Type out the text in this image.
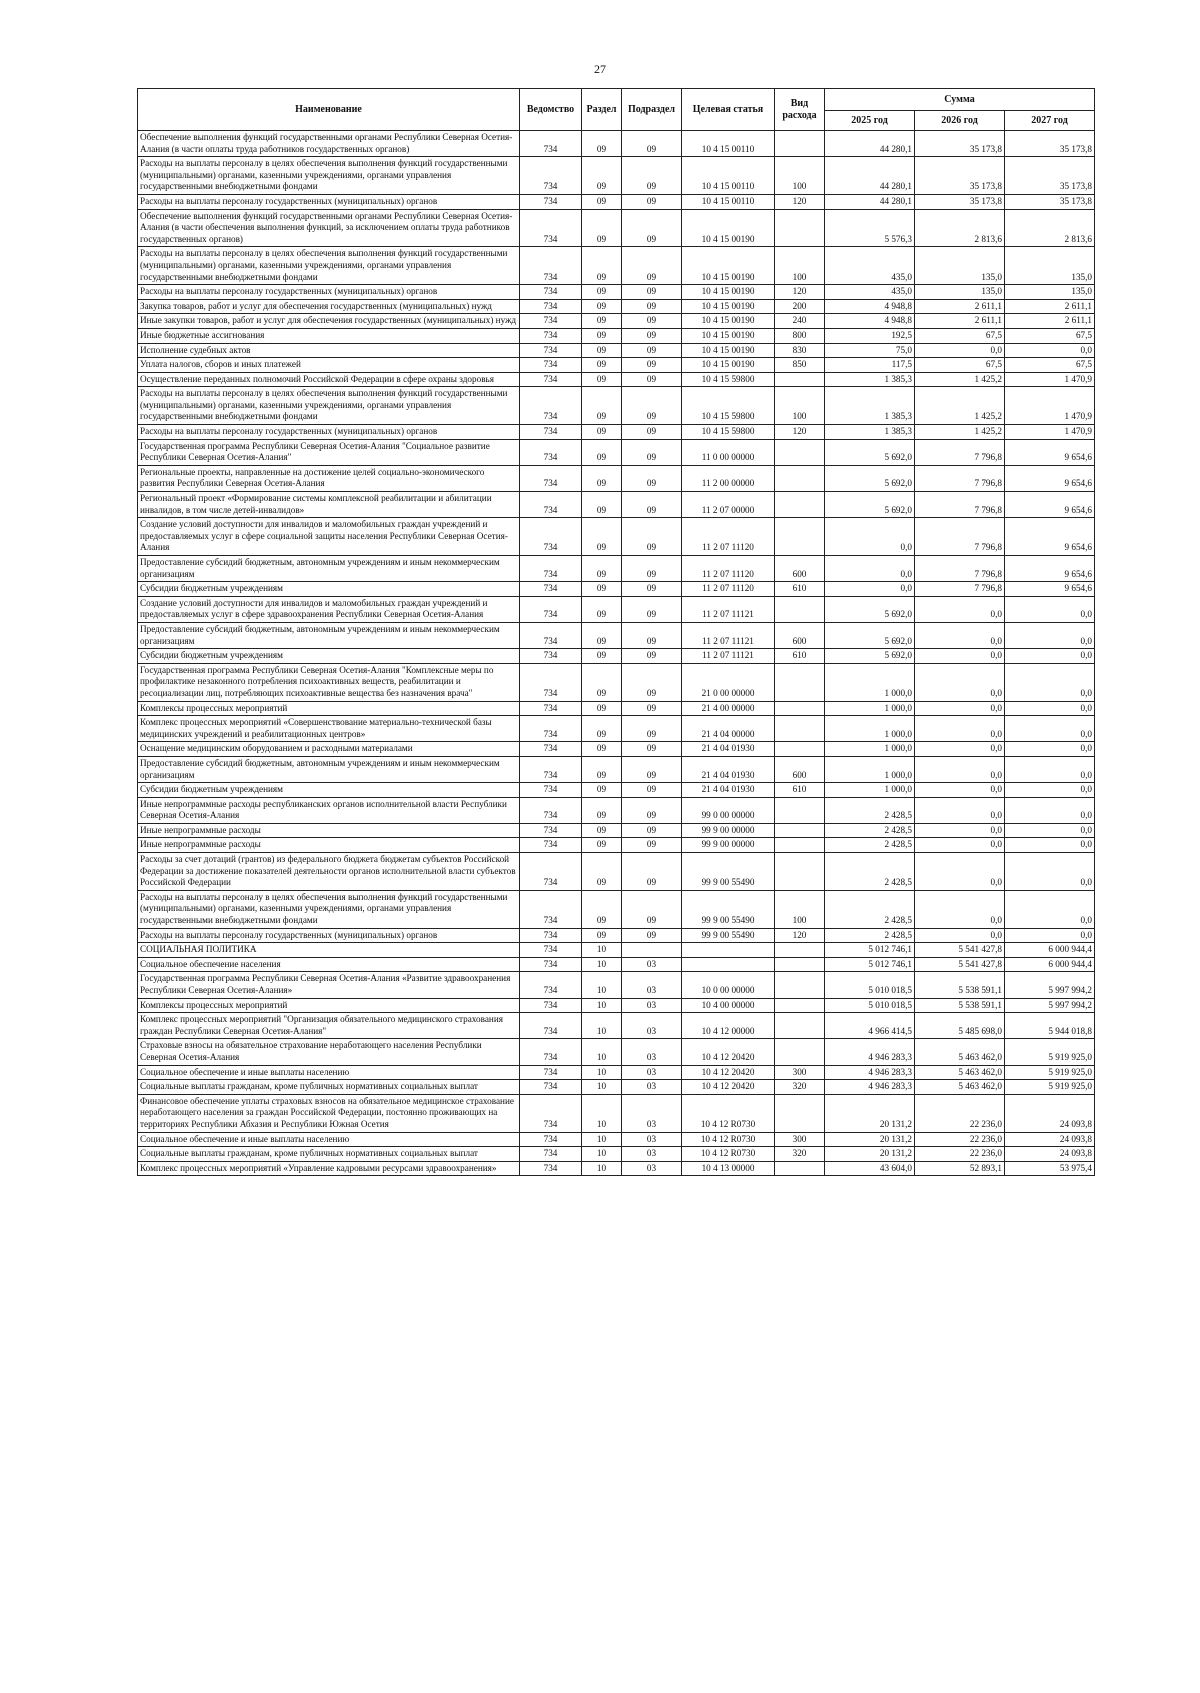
27
Наименование	Ведомство	Раздел	Подраздел	Целевая статья	Вид расхода	Сумма		
						2025 год	2026 год	2027 год
Обеспечение выполнения функций государственными органами Республики Северная Осетия-Алания (в части оплаты труда работников государственных органов)	734	09	09	10 4 15 00110		44 280,1	35 173,8	35 173,8
Расходы на выплаты персоналу в целях обеспечения выполнения функций государственными (муниципальными) органами, казенными учреждениями, органами управления государственными внебюджетными фондами	734	09	09	10 4 15 00110	100	44 280,1	35 173,8	35 173,8
Расходы на выплаты персоналу государственных (муниципальных) органов	734	09	09	10 4 15 00110	120	44 280,1	35 173,8	35 173,8
Обеспечение выполнения функций государственными органами Республики Северная Осетия-Алания (в части обеспечения выполнения функций, за исключением оплаты труда работников государственных органов)	734	09	09	10 4 15 00190		5 576,3	2 813,6	2 813,6
Расходы на выплаты персоналу в целях обеспечения выполнения функций государственными (муниципальными) органами, казенными учреждениями, органами управления государственными внебюджетными фондами	734	09	09	10 4 15 00190	100	435,0	135,0	135,0
Расходы на выплаты персоналу государственных (муниципальных) органов	734	09	09	10 4 15 00190	120	435,0	135,0	135,0
Закупка товаров, работ и услуг для обеспечения государственных (муниципальных) нужд	734	09	09	10 4 15 00190	200	4 948,8	2 611,1	2 611,1
Иные закупки товаров, работ и услуг для обеспечения государственных (муниципальных) нужд	734	09	09	10 4 15 00190	240	4 948,8	2 611,1	2 611,1
Иные бюджетные ассигнования	734	09	09	10 4 15 00190	800	192,5	67,5	67,5
Исполнение судебных актов	734	09	09	10 4 15 00190	830	75,0	0,0	0,0
Уплата налогов, сборов и иных платежей	734	09	09	10 4 15 00190	850	117,5	67,5	67,5
Осуществление переданных полномочий Российской Федерации в сфере охраны здоровья	734	09	09	10 4 15 59800		1 385,3	1 425,2	1 470,9
Расходы на выплаты персоналу в целях обеспечения выполнения функций государственными (муниципальными) органами, казенными учреждениями, органами управления государственными внебюджетными фондами	734	09	09	10 4 15 59800	100	1 385,3	1 425,2	1 470,9
Расходы на выплаты персоналу государственных (муниципальных) органов	734	09	09	10 4 15 59800	120	1 385,3	1 425,2	1 470,9
Государственная программа Республики Северная Осетия-Алания "Социальное развитие Республики Северная Осетия-Алания"	734	09	09	11 0 00 00000		5 692,0	7 796,8	9 654,6
Региональные проекты, направленные на достижение целей социально-экономического развития Республики Северная Осетия-Алания	734	09	09	11 2 00 00000		5 692,0	7 796,8	9 654,6
Региональный проект «Формирование системы комплексной реабилитации и абилитации инвалидов, в том числе детей-инвалидов»	734	09	09	11 2 07 00000		5 692,0	7 796,8	9 654,6
Создание условий доступности для инвалидов и маломобильных граждан учреждений и предоставляемых услуг в сфере социальной защиты населения Республики Северная Осетия-Алания	734	09	09	11 2 07 11120		0,0	7 796,8	9 654,6
Предоставление субсидий бюджетным, автономным учреждениям и иным некоммерческим организациям	734	09	09	11 2 07 11120	600	0,0	7 796,8	9 654,6
Субсидии бюджетным учреждениям	734	09	09	11 2 07 11120	610	0,0	7 796,8	9 654,6
Создание условий доступности для инвалидов и маломобильных граждан учреждений и предоставляемых услуг в сфере здравоохранения Республики Северная Осетия-Алания	734	09	09	11 2 07 11121		5 692,0	0,0	0,0
Предоставление субсидий бюджетным, автономным учреждениям и иным некоммерческим организациям	734	09	09	11 2 07 11121	600	5 692,0	0,0	0,0
Субсидии бюджетным учреждениям	734	09	09	11 2 07 11121	610	5 692,0	0,0	0,0
Государственная программа Республики Северная Осетия-Алания "Комплексные меры по профилактике незаконного потребления психоактивных веществ, реабилитации и ресоциализации лиц, потребляющих психоактивные вещества без назначения врача"	734	09	09	21 0 00 00000		1 000,0	0,0	0,0
Комплексы процессных мероприятий	734	09	09	21 4 00 00000		1 000,0	0,0	0,0
Комплекс процессных мероприятий «Совершенствование материально-технической базы медицинских учреждений и реабилитационных центров»	734	09	09	21 4 04 00000		1 000,0	0,0	0,0
Оснащение медицинским оборудованием и расходными материалами	734	09	09	21 4 04 01930		1 000,0	0,0	0,0
Предоставление субсидий бюджетным, автономным учреждениям и иным некоммерческим организациям	734	09	09	21 4 04 01930	600	1 000,0	0,0	0,0
Субсидии бюджетным учреждениям	734	09	09	21 4 04 01930	610	1 000,0	0,0	0,0
Иные непрограммные расходы республиканских органов исполнительной власти Республики Северная Осетия-Алания	734	09	09	99 0 00 00000		2 428,5	0,0	0,0
Иные непрограммные расходы	734	09	09	99 9 00 00000		2 428,5	0,0	0,0
Иные непрограммные расходы	734	09	09	99 9 00 00000		2 428,5	0,0	0,0
Расходы за счет дотаций (грантов) из федерального бюджета бюджетам субъектов Российской Федерации за достижение показателей деятельности органов исполнительной власти субъектов Российской Федерации	734	09	09	99 9 00 55490		2 428,5	0,0	0,0
Расходы на выплаты персоналу в целях обеспечения выполнения функций государственными (муниципальными) органами, казенными учреждениями, органами управления государственными внебюджетными фондами	734	09	09	99 9 00 55490	100	2 428,5	0,0	0,0
Расходы на выплаты персоналу государственных (муниципальных) органов	734	09	09	99 9 00 55490	120	2 428,5	0,0	0,0
СОЦИАЛЬНАЯ ПОЛИТИКА	734	10				5 012 746,1	5 541 427,8	6 000 944,4
Социальное обеспечение населения	734	10	03			5 012 746,1	5 541 427,8	6 000 944,4
Государственная программа Республики Северная Осетия-Алания «Развитие здравоохранения Республики Северная Осетия-Алания»	734	10	03	10 0 00 00000		5 010 018,5	5 538 591,1	5 997 994,2
Комплексы процессных мероприятий	734	10	03	10 4 00 00000		5 010 018,5	5 538 591,1	5 997 994,2
Комплекс процессных мероприятий "Организация обязательного медицинского страхования граждан Республики Северная Осетия-Алания"	734	10	03	10 4 12 00000		4 966 414,5	5 485 698,0	5 944 018,8
Страховые взносы на обязательное страхование неработающего населения Республики Северная Осетия-Алания	734	10	03	10 4 12 20420		4 946 283,3	5 463 462,0	5 919 925,0
Социальное обеспечение и иные выплаты населению	734	10	03	10 4 12 20420	300	4 946 283,3	5 463 462,0	5 919 925,0
Социальные выплаты гражданам, кроме публичных нормативных социальных выплат	734	10	03	10 4 12 20420	320	4 946 283,3	5 463 462,0	5 919 925,0
Финансовое обеспечение уплаты страховых взносов на обязательное медицинское страхование неработающего населения за граждан Российской Федерации, постоянно проживающих на территориях Республики Абхазия и Республики Южная Осетия	734	10	03	10 4 12 R0730		20 131,2	22 236,0	24 093,8
Социальное обеспечение и иные выплаты населению	734	10	03	10 4 12 R0730	300	20 131,2	22 236,0	24 093,8
Социальные выплаты гражданам, кроме публичных нормативных социальных выплат	734	10	03	10 4 12 R0730	320	20 131,2	22 236,0	24 093,8
Комплекс процессных мероприятий «Управление кадровыми ресурсами здравоохранения»	734	10	03	10 4 13 00000		43 604,0	52 893,1	53 975,4
